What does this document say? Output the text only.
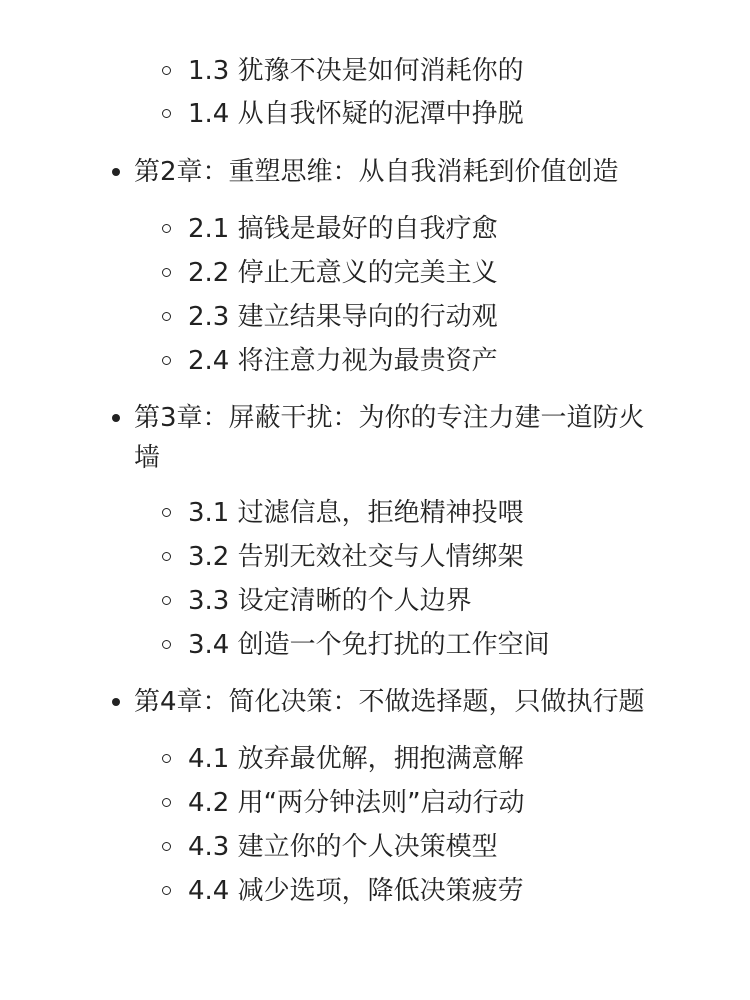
1.3 犹豫不决是如何消耗你的
1.4 从自我怀疑的泥潭中挣脱
第2章：重塑思维：从自我消耗到价值创造
2.1 搞钱是最好的自我疗愈
2.2 停止无意义的完美主义
2.3 建立结果导向的行动观
2.4 将注意力视为最贵资产
第3章：屏蔽干扰：为你的专注力建一道防火
墙
3.1 过滤信息，拒绝精神投喂
3.2 告别无效社交与人情绑架
3.3 设定清晰的个人边界
3.4 创造一个免打扰的工作空间
第4章：简化决策：不做选择题，只做执行题
4.1 放弃最优解，拥抱满意解
4.2 用“两分钟法则”启动行动
4.3 建立你的个人决策模型
4.4 减少选项，降低决策疲劳
